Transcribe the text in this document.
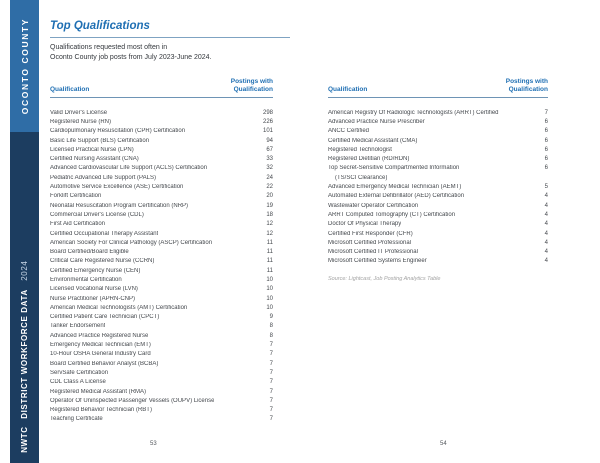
OCONTO COUNTY
NWTC DISTRICT WORKFORCE DATA 2024
Top Qualifications
Qualifications requested most often in
Oconto County job posts from July 2023-June 2024.
Qualification
Postings with
Qualification
Valid Driver's License	298
Registered Nurse (RN)	226
Cardiopulmonary Resuscitation (CPR) Certification	101
Basic Life Support (BLS) Certification	94
Licensed Practical Nurse (LPN)	67
Certified Nursing Assistant (CNA)	33
Advanced Cardiovascular Life Support (ACLS) Certification	32
Pediatric Advanced Life Support (PALS)	24
Automotive Service Excellence (ASE) Certification	22
Forklift Certification	20
Neonatal Resuscitation Program Certification (NRP)	19
Commercial Driver's License (CDL)	18
First Aid Certification	12
Certified Occupational Therapy Assistant	12
American Society For Clinical Pathology (ASCP) Certification	11
Board Certified/Board Eligible	11
Critical Care Registered Nurse (CCRN)	11
Certified Emergency Nurse (CEN)	11
Environmental Certification	10
Licensed Vocational Nurse (LVN)	10
Nurse Practitioner (APRN-CNP)	10
American Medical Technologists (AMT) Certification	10
Certified Patient Care Technician (CPCT)	9
Tanker Endorsement	8
Advanced Practice Registered Nurse	8
Emergency Medical Technician (EMT)	7
10-Hour OSHA General Industry Card	7
Board Certified Behavior Analyst (BCBA)	7
ServSafe Certification	7
CDL Class A License	7
Registered Medical Assistant (RMA)	7
Operator Of Uninspected Passenger Vessels (OUPV) License	7
Registered Behavior Technician (RBT)	7
Teaching Certificate	7
Qualification
Postings with
Qualification
American Registry Of Radiologic Technologists (ARRT) Certified	7
Advanced Practice Nurse Prescriber	6
ANCC Certified	6
Certified Medical Assistant (CMA)	6
Registered Technologist	6
Registered Dietitian (RD/RDN)	6
Top Secret-Sensitive Compartmented Information	6
(TS/SCI Clearance)
Advanced Emergency Medical Technician (AEMT)	5
Automated External Defibrillator (AED) Certification	4
Wastewater Operator Certification	4
ARRT Computed Tomography (CT) Certification	4
Doctor Of Physical Therapy	4
Certified First Responder (CFR)	4
Microsoft Certified Professional	4
Microsoft Certified IT Professional	4
Microsoft Certified Systems Engineer	4
Source: Lightcast, Job Posting Analytics Table
53	54
